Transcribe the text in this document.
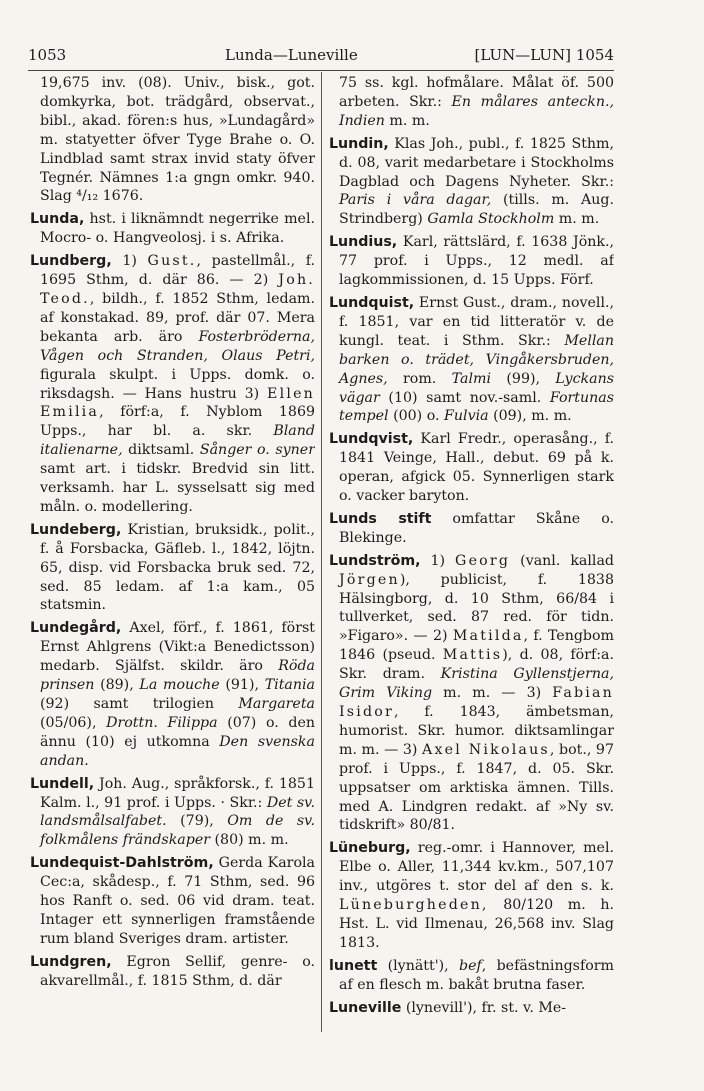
1053	Lunda—Luneville	[LUN—LUN] 1054

19,675 inv. (08). Univ., bisk., got. domkyrka, bot. trädgård, observat., bibl., akad. fören:s hus, »Lundagård» m. statyetter öfver Tyge Brahe o. O. Lindblad samt strax invid staty öfver Tegnér. Nämnes 1:a gngn omkr. 940. Slag ⁴/₁₂ 1676.

Lunda, hst. i liknämndt negerrike mel. Mocro- o. Hangveolosj. i s. Afrika.

Lundberg, 1) Gust., pastellmål., f. 1695 Sthm, d. där 86. — 2) Joh. Teod., bildh., f. 1852 Sthm, ledam. af konstakad. 89, prof. där 07. Mera bekanta arb. äro Fosterbröderna, Vågen och Stranden, Olaus Petri, figurala skulpt. i Upps. domk. o. riksdagsh. — Hans hustru 3) Ellen Emilia, förf:a, f. Nyblom 1869 Upps., har bl. a. skr. Bland italienarne, diktsaml. Sånger o. syner samt art. i tidskr. Bredvid sin litt. verksamh. har L. sysselsatt sig med måln. o. modellering.

Lundeberg, Kristian, bruksidk., polit., f. å Forsbacka, Gäfleb. l., 1842, löjtn. 65, disp. vid Forsbacka bruk sed. 72, sed. 85 ledam. af 1:a kam., 05 statsmin.

Lundegård, Axel, förf., f. 1861, först Ernst Ahlgrens (Vikt:a Benedictsson) medarb. Själfst. skildr. äro Röda prinsen (89), La mouche (91), Titania (92) samt trilogien Margareta (05/06), Drottn. Filippa (07) o. den ännu (10) ej utkomna Den svenska andan.

Lundell, Joh. Aug., språkforsk., f. 1851 Kalm. l., 91 prof. i Upps. · Skr.: Det sv. landsmålsalfabet. (79), Om de sv. folkmålens frändskaper (80) m. m.

Lundequist-Dahlström, Gerda Karola Cec:a, skådesp., f. 71 Sthm, sed. 96 hos Ranft o. sed. 06 vid dram. teat. Intager ett synnerligen framstående rum bland Sveriges dram. artister.

Lundgren, Egron Sellif, genre- o. akvarellmål., f. 1815 Sthm, d. där

75 ss. kgl. hofmålare. Målat öf. 500 arbeten. Skr.: En målares anteckn., Indien m. m.

Lundin, Klas Joh., publ., f. 1825 Sthm, d. 08, varit medarbetare i Stockholms Dagblad och Dagens Nyheter. Skr.: Paris i våra dagar, (tills. m. Aug. Strindberg) Gamla Stockholm m. m.

Lundius, Karl, rättslärd, f. 1638 Jönk., 77 prof. i Upps., 12 medl. af lagkommissionen, d. 15 Upps. Förf.

Lundquist, Ernst Gust., dram., novell., f. 1851, var en tid litteratör v. de kungl. teat. i Sthm. Skr.: Mellan barken o. trädet, Vingåkersbruden, Agnes, rom. Talmi (99), Lyckans vägar (10) samt nov.-saml. Fortunas tempel (00) o. Fulvia (09), m. m.

Lundqvist, Karl Fredr., operasång., f. 1841 Veinge, Hall., debut. 69 på k. operan, afgick 05. Synnerligen stark o. vacker baryton.

Lunds stift omfattar Skåne o. Blekinge.

Lundström, 1) Georg (vanl. kallad Jörgen), publicist, f. 1838 Hälsingborg, d. 10 Sthm, 66/84 i tullverket, sed. 87 red. för tidn. »Figaro». — 2) Matilda, f. Tengbom 1846 (pseud. Mattis), d. 08, förf:a. Skr. dram. Kristina Gyllenstjerna, Grim Viking m. m. — 3) Fabian Isidor, f. 1843, ämbetsman, humorist. Skr. humor. diktsamlingar m. m. — 3) Axel Nikolaus, bot., 97 prof. i Upps., f. 1847, d. 05. Skr. uppsatser om arktiska ämnen. Tills. med A. Lindgren redakt. af »Ny sv. tidskrift» 80/81.

Lüneburg, reg.-omr. i Hannover, mel. Elbe o. Aller, 11,344 kv.km., 507,107 inv., utgöres t. stor del af den s. k. Lüneburgheden, 80/120 m. h. Hst. L. vid Ilmenau, 26,568 inv. Slag 1813.

lunett (lynätt'), bef, befästningsform af en flesch m. bakåt brutna faser.

Luneville (lynevill'), fr. st. v. Me-
